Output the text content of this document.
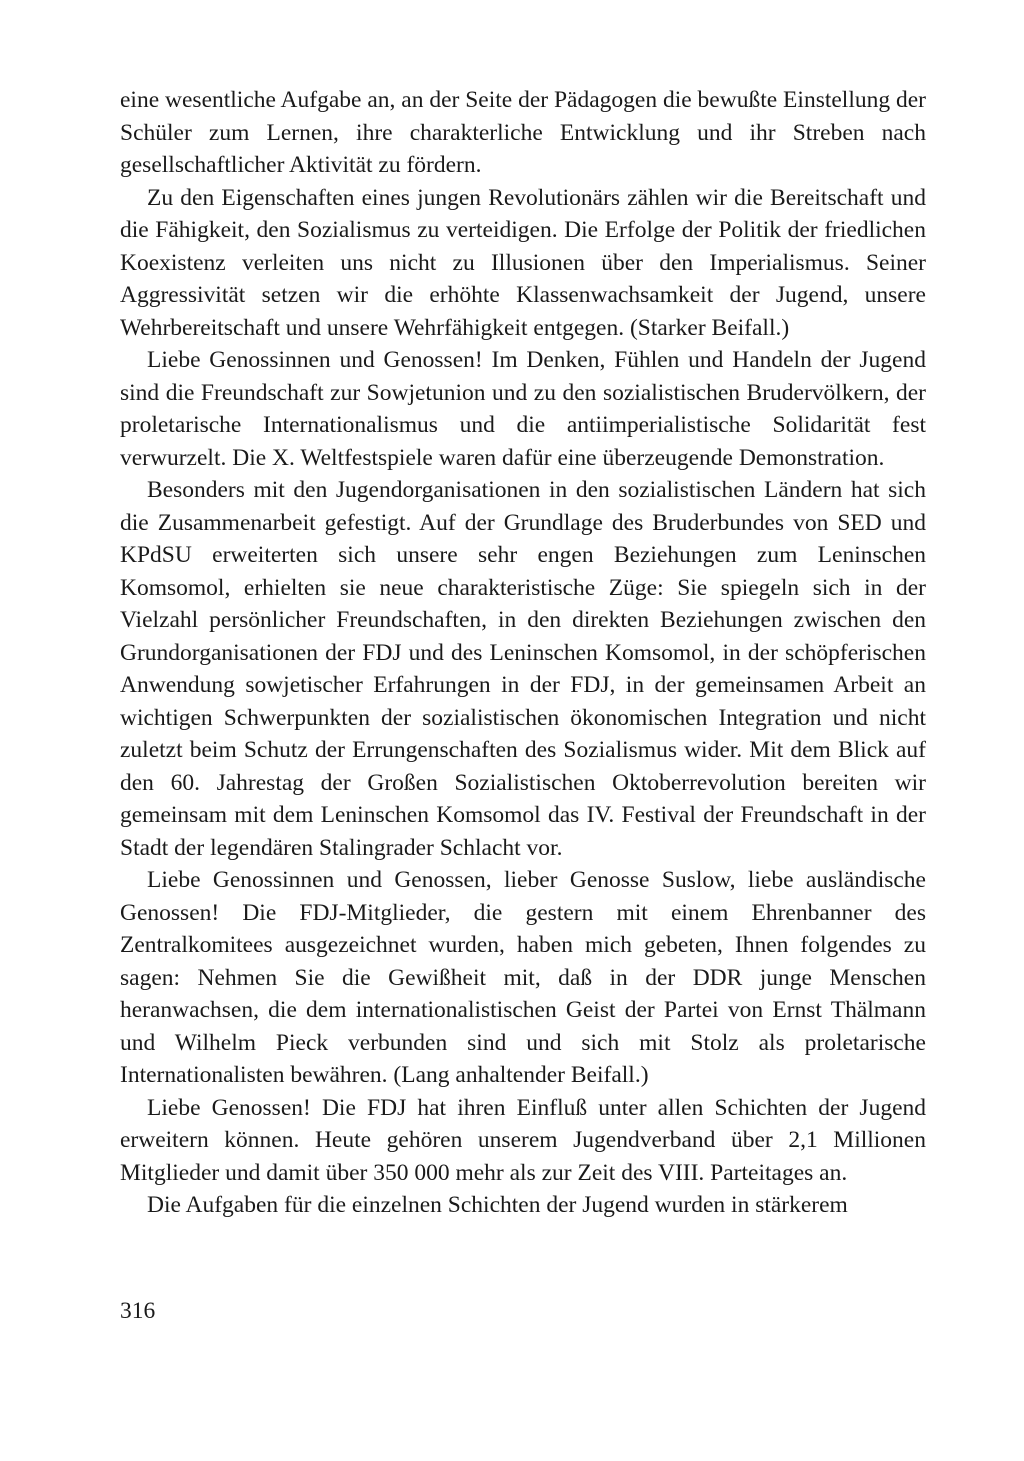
eine wesentliche Aufgabe an, an der Seite der Pädagogen die bewußte Einstellung der Schüler zum Lernen, ihre charakterliche Entwicklung und ihr Streben nach gesellschaftlicher Aktivität zu fördern.

Zu den Eigenschaften eines jungen Revolutionärs zählen wir die Bereitschaft und die Fähigkeit, den Sozialismus zu verteidigen. Die Erfolge der Politik der friedlichen Koexistenz verleiten uns nicht zu Illusionen über den Imperialismus. Seiner Aggressivität setzen wir die erhöhte Klassenwachsamkeit der Jugend, unsere Wehrbereitschaft und unsere Wehrfähigkeit entgegen. (Starker Beifall.)

Liebe Genossinnen und Genossen! Im Denken, Fühlen und Handeln der Jugend sind die Freundschaft zur Sowjetunion und zu den sozialistischen Brudervölkern, der proletarische Internationalismus und die antiimperialistische Solidarität fest verwurzelt. Die X. Weltfestspiele waren dafür eine überzeugende Demonstration.

Besonders mit den Jugendorganisationen in den sozialistischen Ländern hat sich die Zusammenarbeit gefestigt. Auf der Grundlage des Bruderbundes von SED und KPdSU erweiterten sich unsere sehr engen Beziehungen zum Leninschen Komsomol, erhielten sie neue charakteristische Züge: Sie spiegeln sich in der Vielzahl persönlicher Freundschaften, in den direkten Beziehungen zwischen den Grundorganisationen der FDJ und des Leninschen Komsomol, in der schöpferischen Anwendung sowjetischer Erfahrungen in der FDJ, in der gemeinsamen Arbeit an wichtigen Schwerpunkten der sozialistischen ökonomischen Integration und nicht zuletzt beim Schutz der Errungenschaften des Sozialismus wider. Mit dem Blick auf den 60. Jahrestag der Großen Sozialistischen Oktoberrevolution bereiten wir gemeinsam mit dem Leninschen Komsomol das IV. Festival der Freundschaft in der Stadt der legendären Stalingrader Schlacht vor.

Liebe Genossinnen und Genossen, lieber Genosse Suslow, liebe ausländische Genossen! Die FDJ-Mitglieder, die gestern mit einem Ehrenbanner des Zentralkomitees ausgezeichnet wurden, haben mich gebeten, Ihnen folgendes zu sagen: Nehmen Sie die Gewißheit mit, daß in der DDR junge Menschen heranwachsen, die dem internationalistischen Geist der Partei von Ernst Thälmann und Wilhelm Pieck verbunden sind und sich mit Stolz als proletarische Internationalisten bewähren. (Lang anhaltender Beifall.)

Liebe Genossen! Die FDJ hat ihren Einfluß unter allen Schichten der Jugend erweitern können. Heute gehören unserem Jugendverband über 2,1 Millionen Mitglieder und damit über 350 000 mehr als zur Zeit des VIII. Parteitages an.

Die Aufgaben für die einzelnen Schichten der Jugend wurden in stärkerem

316
